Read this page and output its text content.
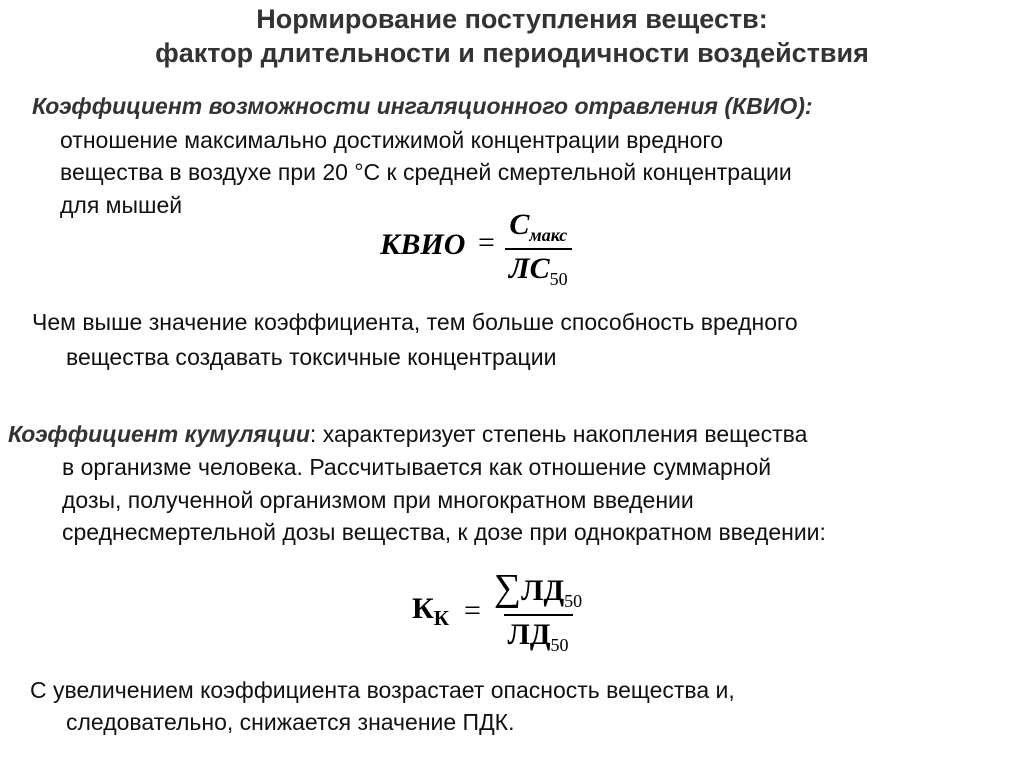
Нормирование поступления веществ:
фактор длительности и периодичности воздействия
Коэффициент возможности ингаляционного отравления (КВИО):
отношение максимально достижимой концентрации вредного
вещества в воздухе при 20 °С к средней смертельной концентрации
для мышей
КВИО =
$C_{макс}$
$ЛC_{50}$
Чем выше значение коэффициента, тем больше способность вредного
вещества создавать токсичные концентрации
Коэффициент кумуляции: характеризует степень накопления вещества
в организме человека. Рассчитывается как отношение суммарной
дозы, полученной организмом при многократном введении
среднесмертельной дозы вещества, к дозе при однократном введении:
$К_К$ =
$\sum ЛД_{50}$
$ЛД_{50}$
С увеличением коэффициента возрастает опасность вещества и,
следовательно, снижается значение ПДК.
